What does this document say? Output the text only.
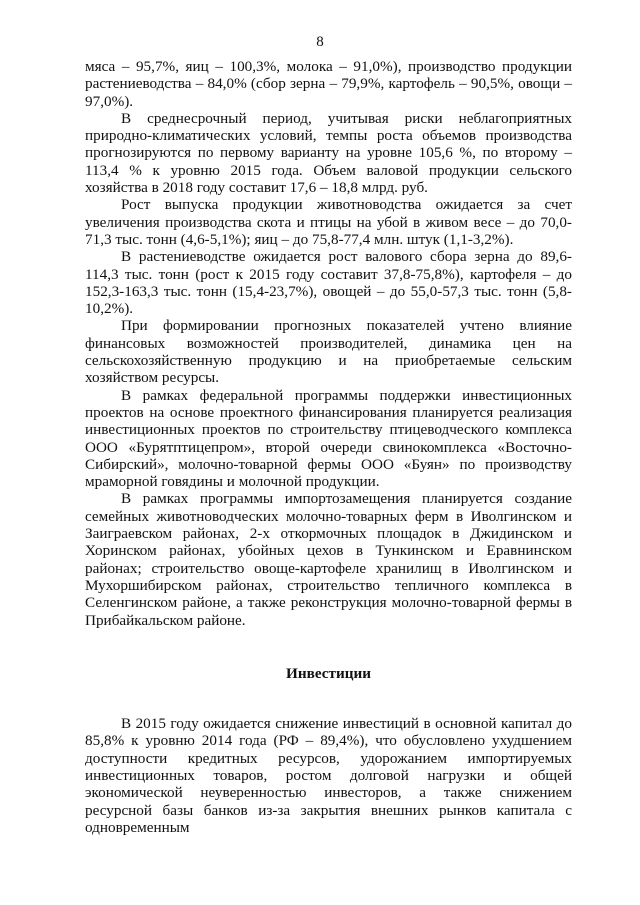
8

мяса – 95,7%, яиц – 100,3%, молока – 91,0%), производство продукции растениеводства – 84,0% (сбор зерна – 79,9%, картофель – 90,5%, овощи – 97,0%).

В среднесрочный период, учитывая риски неблагоприятных природно-климатических условий, темпы роста объемов производства прогнозируются по первому варианту на уровне 105,6 %, по второму – 113,4 % к уровню 2015 года. Объем валовой продукции сельского хозяйства в 2018 году составит 17,6 – 18,8 млрд. руб.

Рост выпуска продукции животноводства ожидается за счет увеличения производства скота и птицы на убой в живом весе – до 70,0-71,3 тыс. тонн (4,6-5,1%); яиц – до 75,8-77,4 млн. штук (1,1-3,2%).

В растениеводстве ожидается рост валового сбора зерна до 89,6-114,3 тыс. тонн (рост к 2015 году составит 37,8-75,8%), картофеля – до 152,3-163,3 тыс. тонн (15,4-23,7%), овощей – до 55,0-57,3 тыс. тонн (5,8-10,2%).

При формировании прогнозных показателей учтено влияние финансовых возможностей производителей, динамика цен на сельскохозяйственную продукцию и на приобретаемые сельским хозяйством ресурсы.

В рамках федеральной программы поддержки инвестиционных проектов на основе проектного финансирования планируется реализация инвестиционных проектов по строительству птицеводческого комплекса ООО «Бурятптицепром», второй очереди свинокомплекса «Восточно-Сибирский», молочно-товарной фермы ООО «Буян» по производству мраморной говядины и молочной продукции.

В рамках программы импортозамещения планируется создание семейных животноводческих молочно-товарных ферм в Иволгинском и Заиграевском районах, 2-х откормочных площадок в Джидинском и Хоринском районах, убойных цехов в Тункинском и Еравнинском районах; строительство овоще-картофеле хранилищ в Иволгинском и Мухоршибирском районах, строительство тепличного комплекса в Селенгинском районе, а также реконструкция молочно-товарной фермы в Прибайкальском районе.

Инвестиции

В 2015 году ожидается снижение инвестиций в основной капитал до 85,8% к уровню 2014 года (РФ – 89,4%), что обусловлено ухудшением доступности кредитных ресурсов, удорожанием импортируемых инвестиционных товаров, ростом долговой нагрузки и общей экономической неуверенностью инвесторов, а также снижением ресурсной базы банков из-за закрытия внешних рынков капитала с одновременным
